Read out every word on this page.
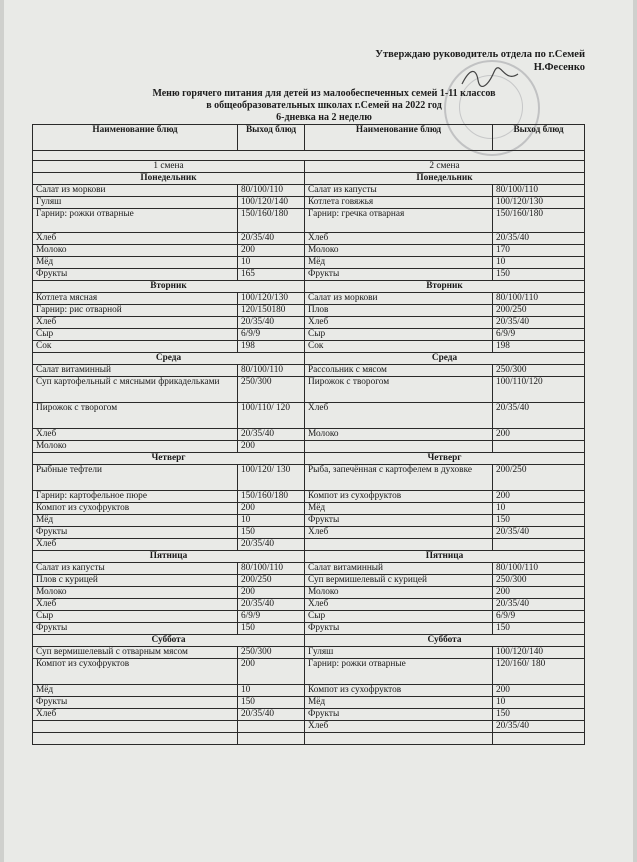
Утверждаю руководитель отдела по г.Семей
Н.Фесенко
Меню горячего питания для детей из малообеспеченных семей 1-11 классов
в общеобразовательных школах г.Семей на 2022 год
6-дневка на 2 неделю
Наименование блюд	Выход блюд	Наименование блюд	Выход блюд

1 смена		2 смена	
Понедельник		Понедельник	
Салат из моркови	80/100/110	Салат из капусты	80/100/110
Гуляш	100/120/140	Котлета говяжья	100/120/130
Гарнир: рожки отварные	150/160/180	Гарнир: гречка отварная	150/160/180
Хлеб	20/35/40	Хлеб	20/35/40
Молоко	200	Молоко	170
Мёд	10	Мёд	10
Фрукты	165	Фрукты	150
Вторник		Вторник	
Котлета мясная	100/120/130	Салат из моркови	80/100/110
Гарнир: рис отварной	120/150180	Плов	200/250
Хлеб	20/35/40	Хлеб	20/35/40
Сыр	6/9/9	Сыр	6/9/9
Сок	198	Сок	198
Среда		Среда	
Салат витаминный	80/100/110	Рассольник с мясом	250/300
Суп картофельный с мясными фрикадельками	250/300	Пирожок с творогом	100/110/120
Пирожок с творогом	100/110/ 120	Хлеб	20/35/40
Хлеб	20/35/40	Молоко	200
Молоко	200		
Четверг		Четверг	
Рыбные тефтели	100/120/ 130	Рыба, запечённая с картофелем в духовке	200/250
Гарнир: картофельное пюре	150/160/180	Компот из сухофруктов	200
Компот из сухофруктов	200	Мёд	10
Мёд	10	Фрукты	150
Фрукты	150	Хлеб	20/35/40
Хлеб	20/35/40		
Пятница		Пятница	
Салат из капусты	80/100/110	Салат витаминный	80/100/110
Плов с курицей	200/250	Суп вермишелевый с курицей	250/300
Молоко	200	Молоко	200
Хлеб	20/35/40	Хлеб	20/35/40
Сыр	6/9/9	Сыр	6/9/9
Фрукты	150	Фрукты	150
Суббота		Суббота	
Суп вермишелевый с отварным мясом	250/300	Гуляш	100/120/140
Компот из сухофруктов	200	Гарнир: рожки отварные	120/160/ 180
Мёд	10	Компот из сухофруктов	200
Фрукты	150	Мёд	10
Хлеб	20/35/40	Фрукты	150
		Хлеб	20/35/40
